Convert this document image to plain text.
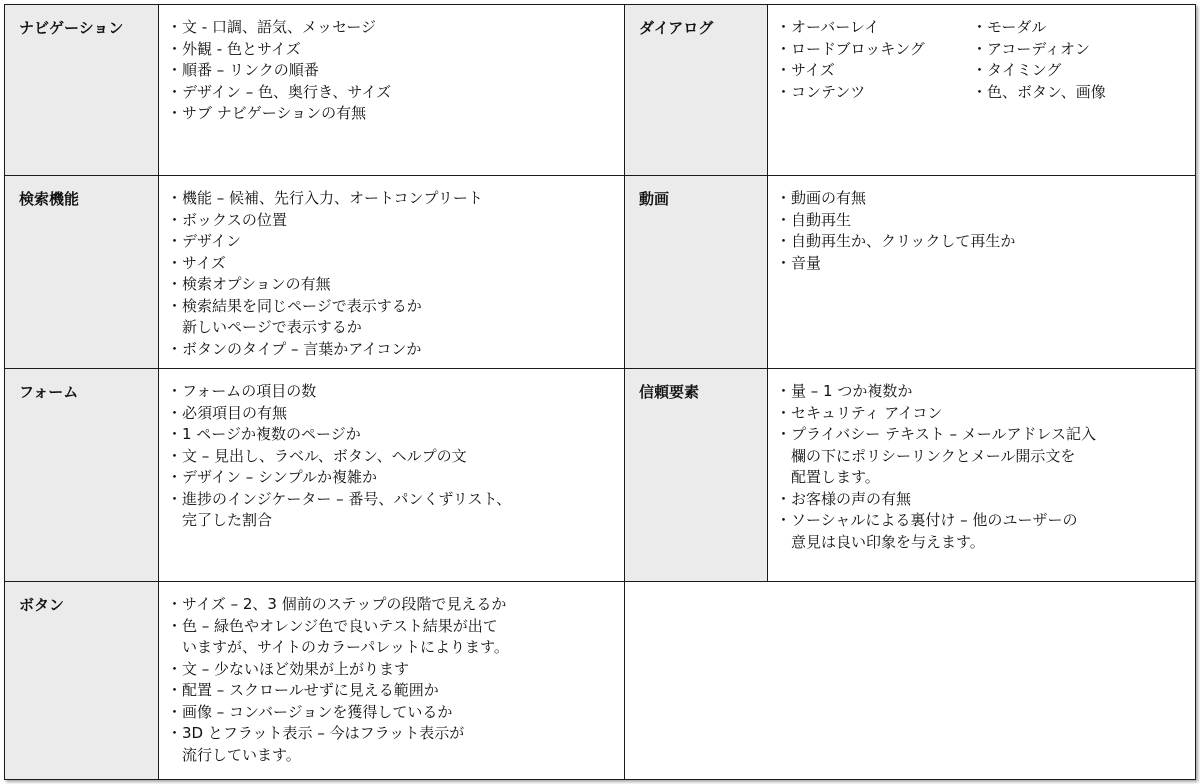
ナビゲーション	・ 文 - 口調、語気、メッセージ
・ 外観 - 色とサイズ
・ 順番 – リンクの順番
・ デザイン – 色、奥行き、サイズ
・ サブ ナビゲーションの有無
ダイアログ	・ オーバーレイ
・ ロードブロッキング
・ サイズ
・ コンテンツ
・ モーダル
・ アコーディオン
・ タイミング
・ 色、ボタン、画像
検索機能	・ 機能 – 候補、先行入力、オートコンプリート
・ ボックスの位置
・ デザイン
・ サイズ
・ 検索オプションの有無
・ 検索結果を同じページで表示するか
新しいページで表示するか
・ ボタンのタイプ – 言葉かアイコンか
動画	・ 動画の有無
・ 自動再生
・ 自動再生か、クリックして再生か
・ 音量
フォーム	・ フォームの項目の数
・ 必須項目の有無
・ 1 ページか複数のページか
・ 文 – 見出し、ラベル、ボタン、ヘルプの文
・ デザイン – シンプルか複雑か
・ 進捗のインジケーター – 番号、パンくずリスト、
完了した割合
信頼要素	・ 量 – 1 つか複数か
・ セキュリティ アイコン
・ プライバシー テキスト – メールアドレス記入
欄の下にポリシーリンクとメール開示文を
配置します。
・ お客様の声の有無
・ ソーシャルによる裏付け – 他のユーザーの
意見は良い印象を与えます。
ボタン	・ サイズ – 2、3 個前のステップの段階で見えるか
・ 色 – 緑色やオレンジ色で良いテスト結果が出て
いますが、サイトのカラーパレットによります。
・ 文 – 少ないほど効果が上がります
・ 配置 – スクロールせずに見える範囲か
・ 画像 – コンバージョンを獲得しているか
・ 3D とフラット表示 – 今はフラット表示が
流行しています。
